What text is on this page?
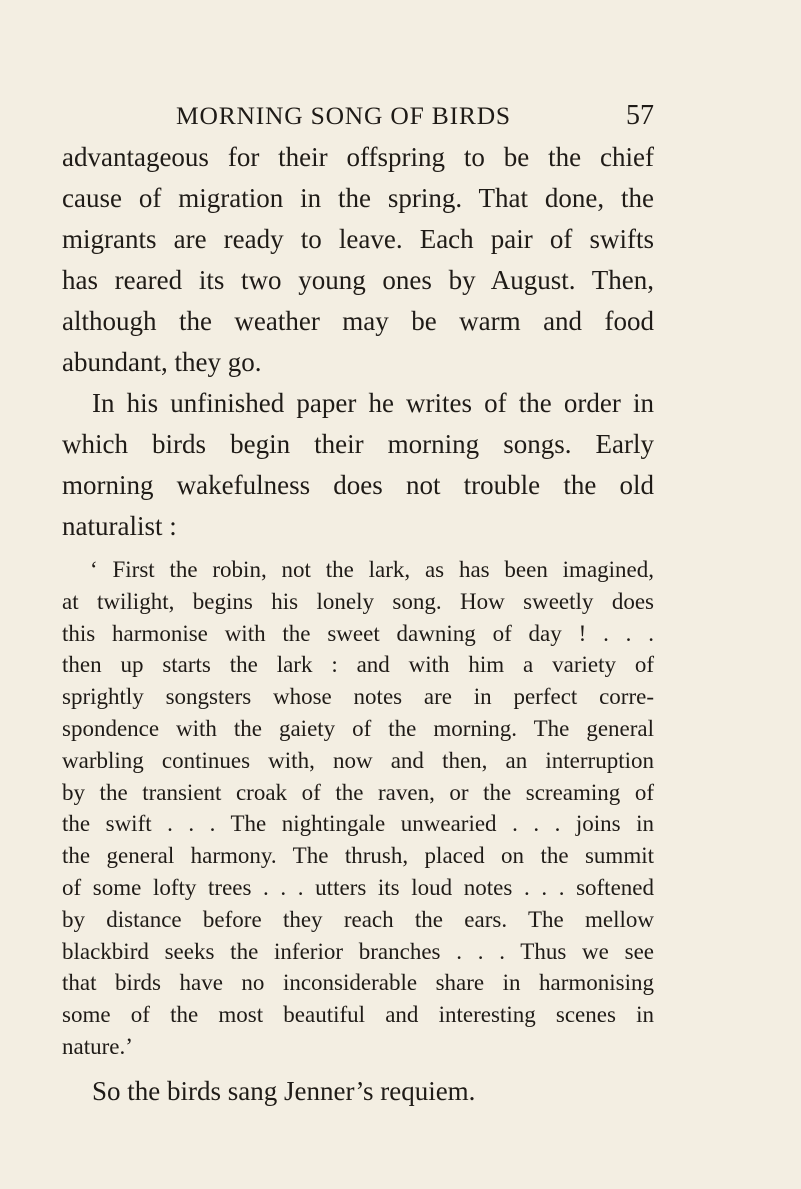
MORNING SONG OF BIRDS	57

advantageous for their offspring to be the chief
cause of migration in the spring. That done, the
migrants are ready to leave. Each pair of swifts
has reared its two young ones by August. Then,
although the weather may be warm and food
abundant, they go.

In his unfinished paper he writes of the order in
which birds begin their morning songs. Early
morning wakefulness does not trouble the old
naturalist :

‘ First the robin, not the lark, as has been imagined,
at twilight, begins his lonely song. How sweetly does
this harmonise with the sweet dawning of day ! . . .
then up starts the lark : and with him a variety of
sprightly songsters whose notes are in perfect corre-
spondence with the gaiety of the morning. The general
warbling continues with, now and then, an interruption
by the transient croak of the raven, or the screaming of
the swift . . . The nightingale unwearied . . . joins in
the general harmony. The thrush, placed on the summit
of some lofty trees . . . utters its loud notes . . . softened
by distance before they reach the ears. The mellow
blackbird seeks the inferior branches . . . Thus we see
that birds have no inconsiderable share in harmonising
some of the most beautiful and interesting scenes in
nature.’

So the birds sang Jenner’s requiem.
